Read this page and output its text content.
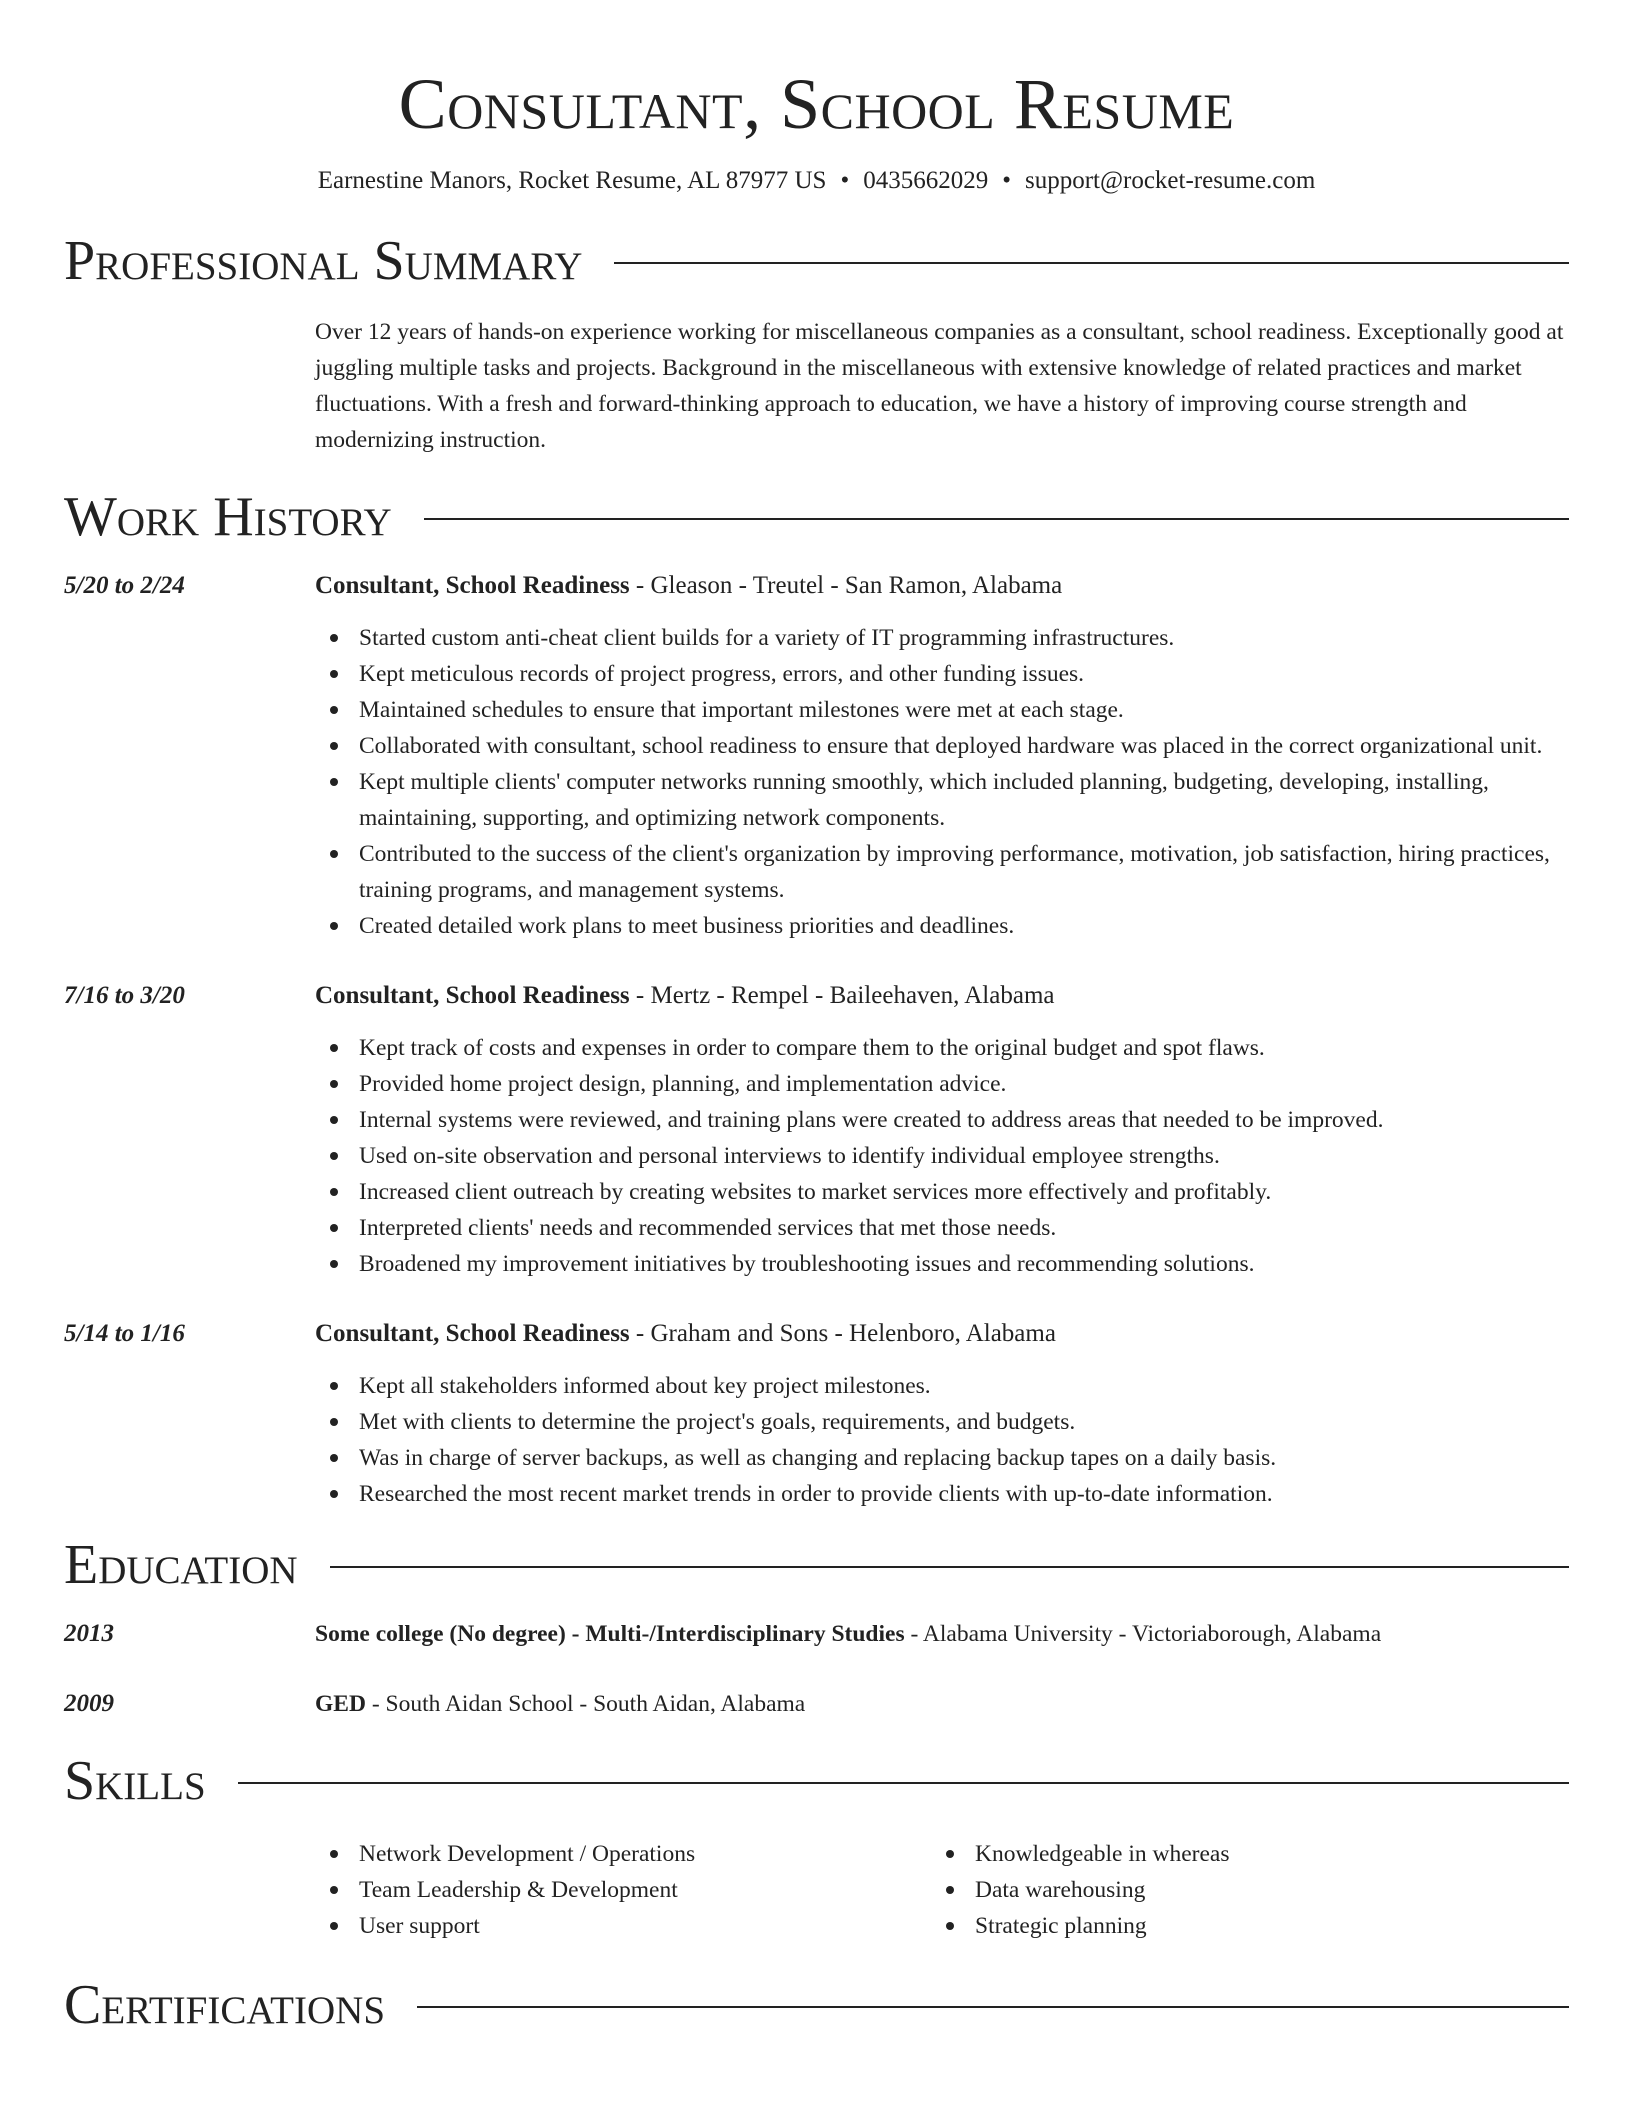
Consultant, School Resume
Earnestine Manors, Rocket Resume, AL 87977 US • 0435662029 • support@rocket-resume.com
Professional Summary

Over 12 years of hands-on experience working for miscellaneous companies as a consultant, school readiness. Exceptionally good at juggling multiple tasks and projects. Background in the miscellaneous with extensive knowledge of related practices and market fluctuations. With a fresh and forward-thinking approach to education, we have a history of improving course strength and modernizing instruction.

Work History
5/20 to 2/24	Consultant, School Readiness - Gleason - Treutel - San Ramon, Alabama
Started custom anti-cheat client builds for a variety of IT programming infrastructures.
Kept meticulous records of project progress, errors, and other funding issues.
Maintained schedules to ensure that important milestones were met at each stage.
Collaborated with consultant, school readiness to ensure that deployed hardware was placed in the correct organizational unit.
Kept multiple clients' computer networks running smoothly, which included planning, budgeting, developing, installing, maintaining, supporting, and optimizing network components.
Contributed to the success of the client's organization by improving performance, motivation, job satisfaction, hiring practices, training programs, and management systems.
Created detailed work plans to meet business priorities and deadlines.
7/16 to 3/20	Consultant, School Readiness - Mertz - Rempel - Baileehaven, Alabama
Kept track of costs and expenses in order to compare them to the original budget and spot flaws.
Provided home project design, planning, and implementation advice.
Internal systems were reviewed, and training plans were created to address areas that needed to be improved.
Used on-site observation and personal interviews to identify individual employee strengths.
Increased client outreach by creating websites to market services more effectively and profitably.
Interpreted clients' needs and recommended services that met those needs.
Broadened my improvement initiatives by troubleshooting issues and recommending solutions.
5/14 to 1/16	Consultant, School Readiness - Graham and Sons - Helenboro, Alabama
Kept all stakeholders informed about key project milestones.
Met with clients to determine the project's goals, requirements, and budgets.
Was in charge of server backups, as well as changing and replacing backup tapes on a daily basis.
Researched the most recent market trends in order to provide clients with up-to-date information.
Education
2013	Some college (No degree) - Multi-/Interdisciplinary Studies - Alabama University - Victoriaborough, Alabama
2009	GED - South Aidan School - South Aidan, Alabama
Skills
Network Development / Operations
Team Leadership & Development
User support
Knowledgeable in whereas
Data warehousing
Strategic planning
Certifications
